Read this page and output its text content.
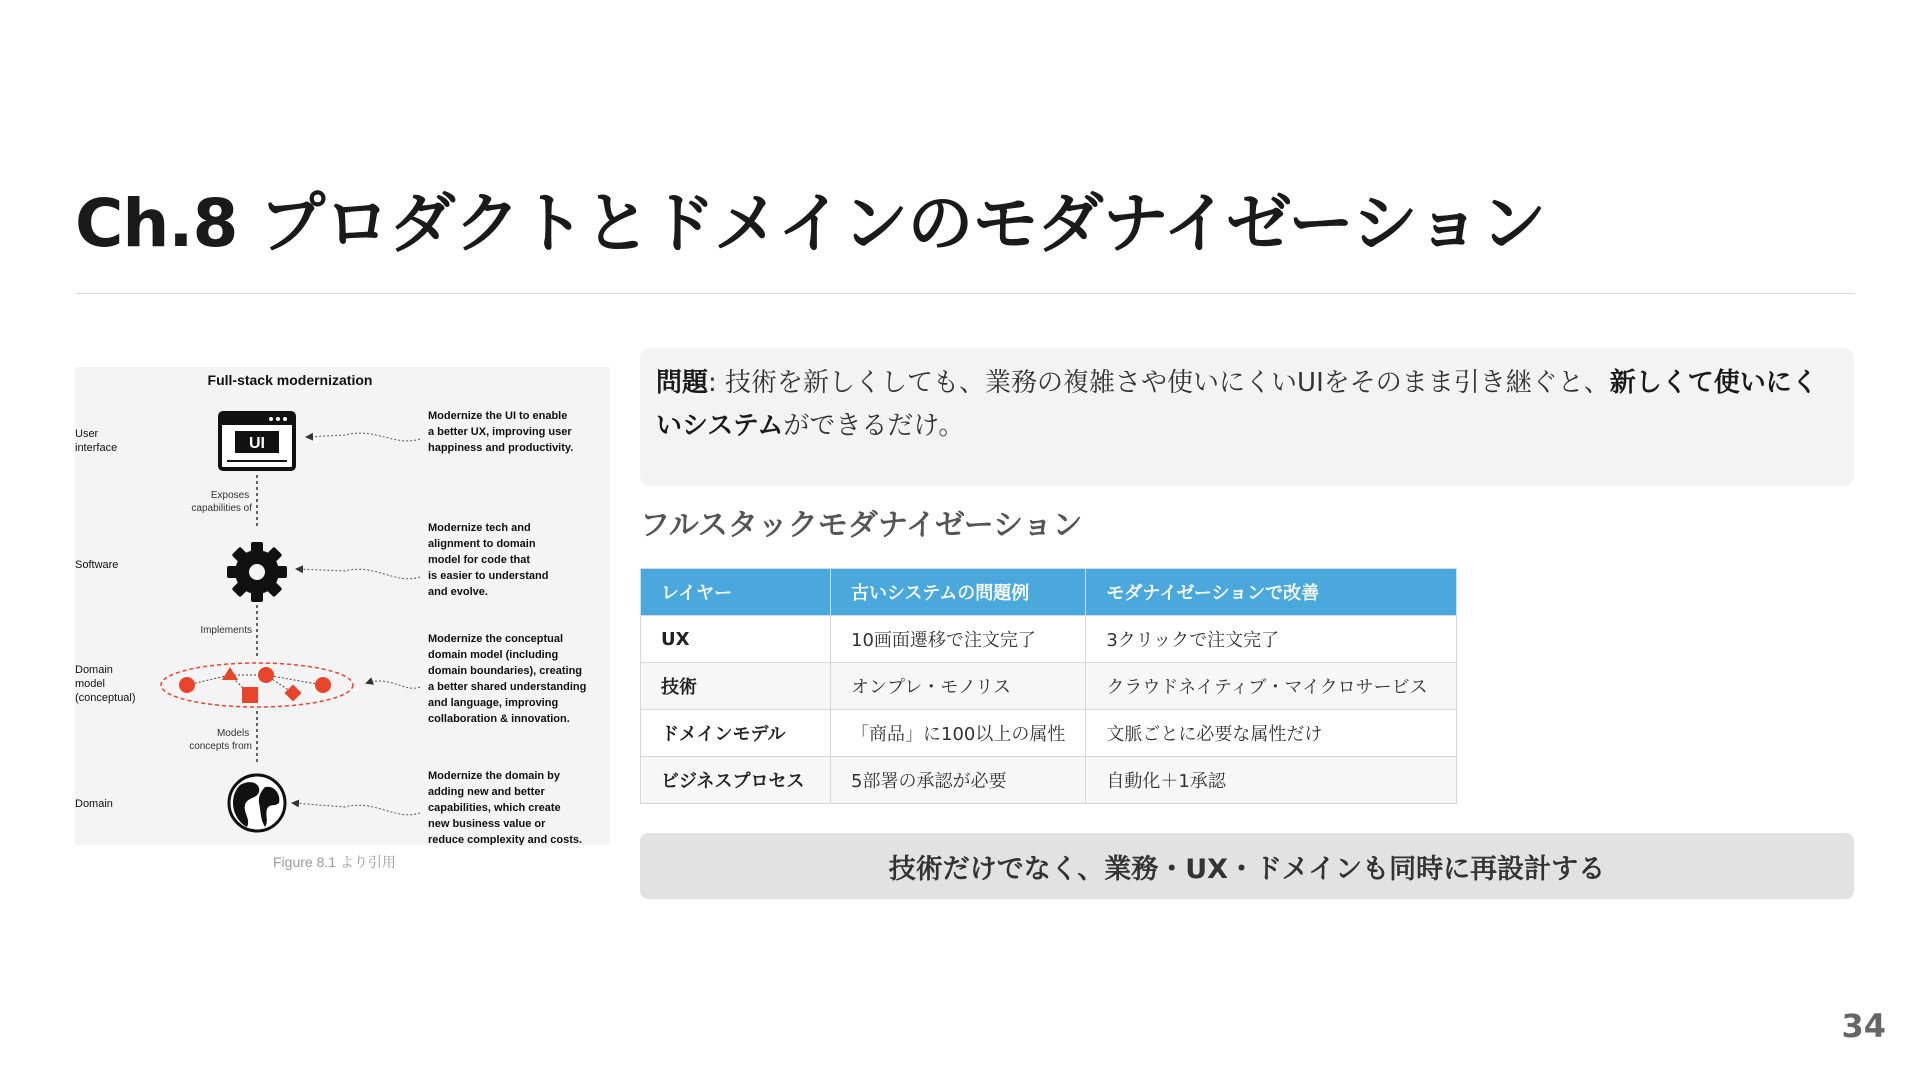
Ch.8 プロダクトとドメインのモダナイゼーション
Full-stack modernization
User interface
Software
Domain model (conceptual)
Domain
UI
Exposes capabilities of
Implements
Models concepts from
Modernize the UI to enable a better UX, improving user happiness and productivity.
Modernize tech and alignment to domain model for code that is easier to understand and evolve.
Modernize the conceptual domain model (including domain boundaries), creating a better shared understanding and language, improving collaboration & innovation.
Modernize the domain by adding new and better capabilities, which create new business value or reduce complexity and costs.
Figure 8.1 より引用
問題: 技術を新しくしても、業務の複雑さや使いにくいUIをそのまま引き継ぐと、新しくて使いにくいシステムができるだけ。
フルスタックモダナイゼーション
レイヤー	古いシステムの問題例	モダナイゼーションで改善
UX	10画面遷移で注文完了	3クリックで注文完了
技術	オンプレ・モノリス	クラウドネイティブ・マイクロサービス
ドメインモデル	「商品」に100以上の属性	文脈ごとに必要な属性だけ
ビジネスプロセス	5部署の承認が必要	自動化＋1承認
技術だけでなく、業務・UX・ドメインも同時に再設計する
34
